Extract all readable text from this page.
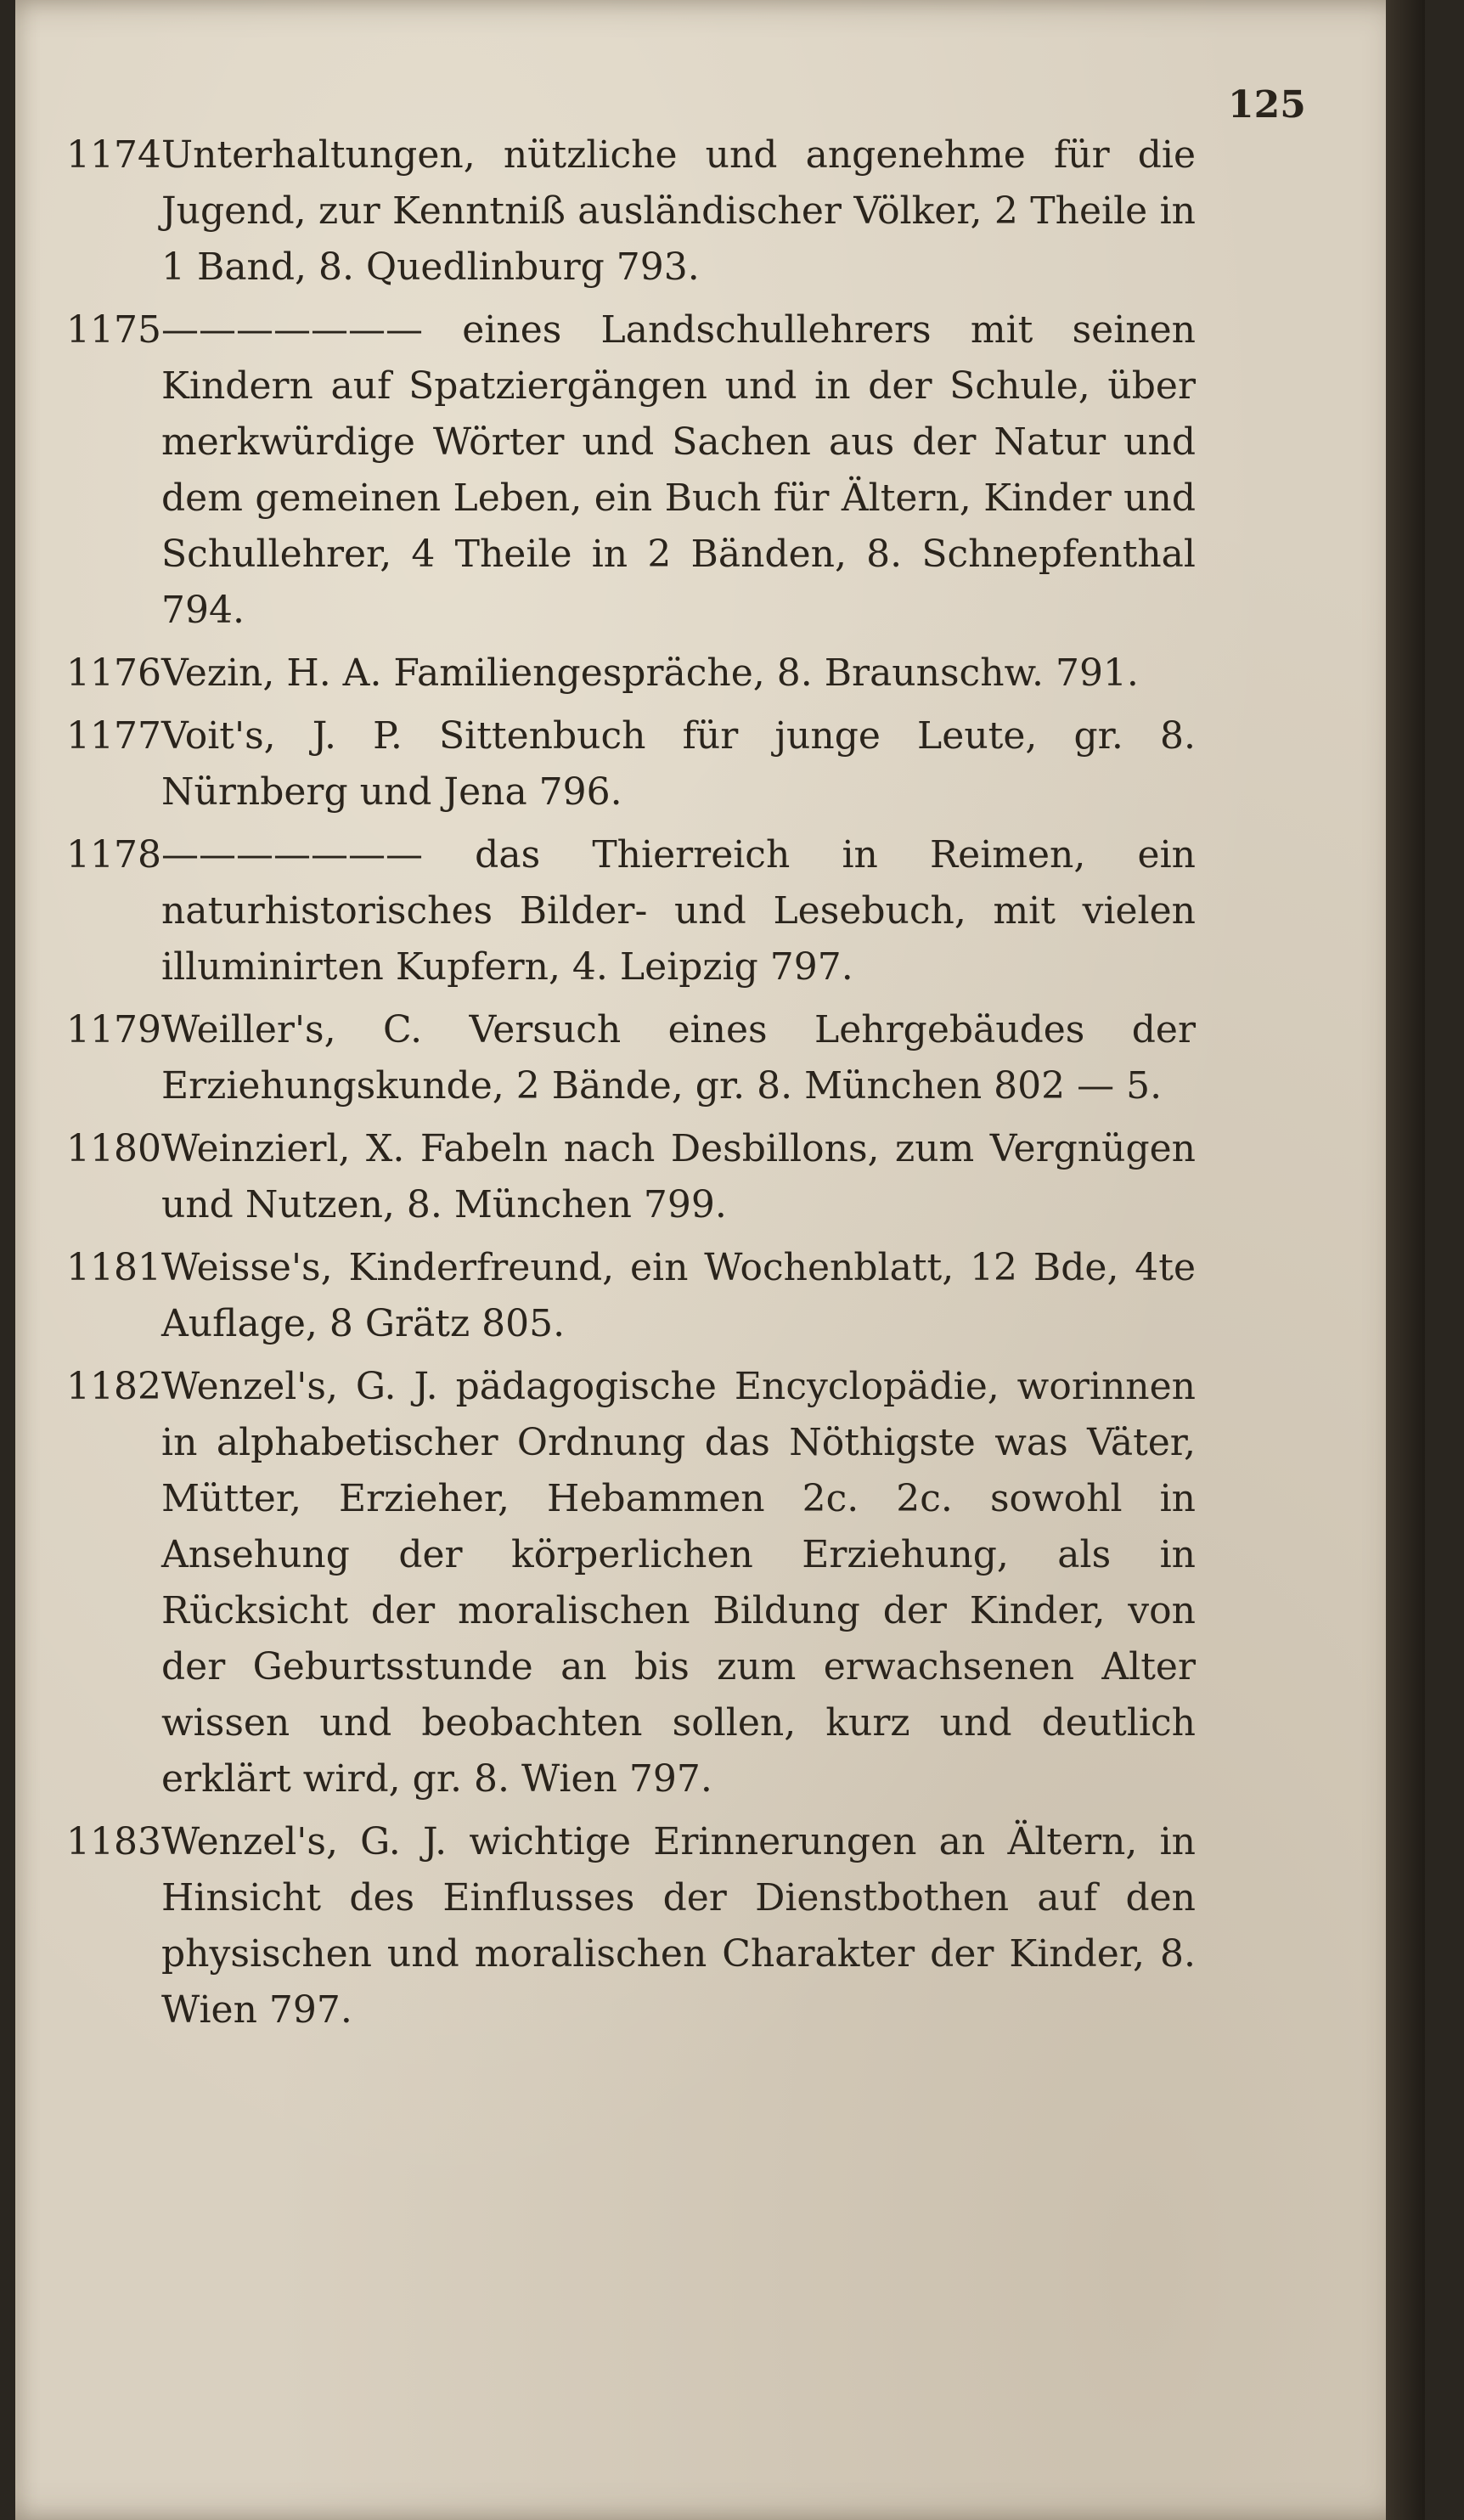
125
1174 Unterhaltungen, nützliche und angenehme für die Jugend, zur Kenntniß ausländischer Völker, 2 Theile in 1 Band, 8. Quedlinburg 793.
1175 ——————— eines Landschullehrers mit seinen Kindern auf Spatziergängen und in der Schule, über merkwürdige Wörter und Sachen aus der Natur und dem gemeinen Leben, ein Buch für Ältern, Kinder und Schullehrer, 4 Theile in 2 Bänden, 8. Schnepfenthal 794.
1176 Vezin, H. A. Familiengespräche, 8. Braunschw. 791.
1177 Voit's, J. P. Sittenbuch für junge Leute, gr. 8. Nürnberg und Jena 796.
1178 ——————— das Thierreich in Reimen, ein naturhistorisches Bilder- und Lesebuch, mit vielen illuminirten Kupfern, 4. Leipzig 797.
1179 Weiller's, C. Versuch eines Lehrgebäudes der Erziehungskunde, 2 Bände, gr. 8. München 802 — 5.
1180 Weinzierl, X. Fabeln nach Desbillons, zum Vergnügen und Nutzen, 8. München 799.
1181 Weisse's, Kinderfreund, ein Wochenblatt, 12 Bde, 4te Auflage, 8 Grätz 805.
1182 Wenzel's, G. J. pädagogische Encyclopädie, worinnen in alphabetischer Ordnung das Nöthigste was Väter, Mütter, Erzieher, Hebammen 2c. 2c. sowohl in Ansehung der körperlichen Erziehung, als in Rücksicht der moralischen Bildung der Kinder, von der Geburtsstunde an bis zum erwachsenen Alter wissen und beobachten sollen, kurz und deutlich erklärt wird, gr. 8. Wien 797.
1183 Wenzel's, G. J. wichtige Erinnerungen an Ältern, in Hinsicht des Einflusses der Dienstbothen auf den physischen und moralischen Charakter der Kinder, 8. Wien 797.
